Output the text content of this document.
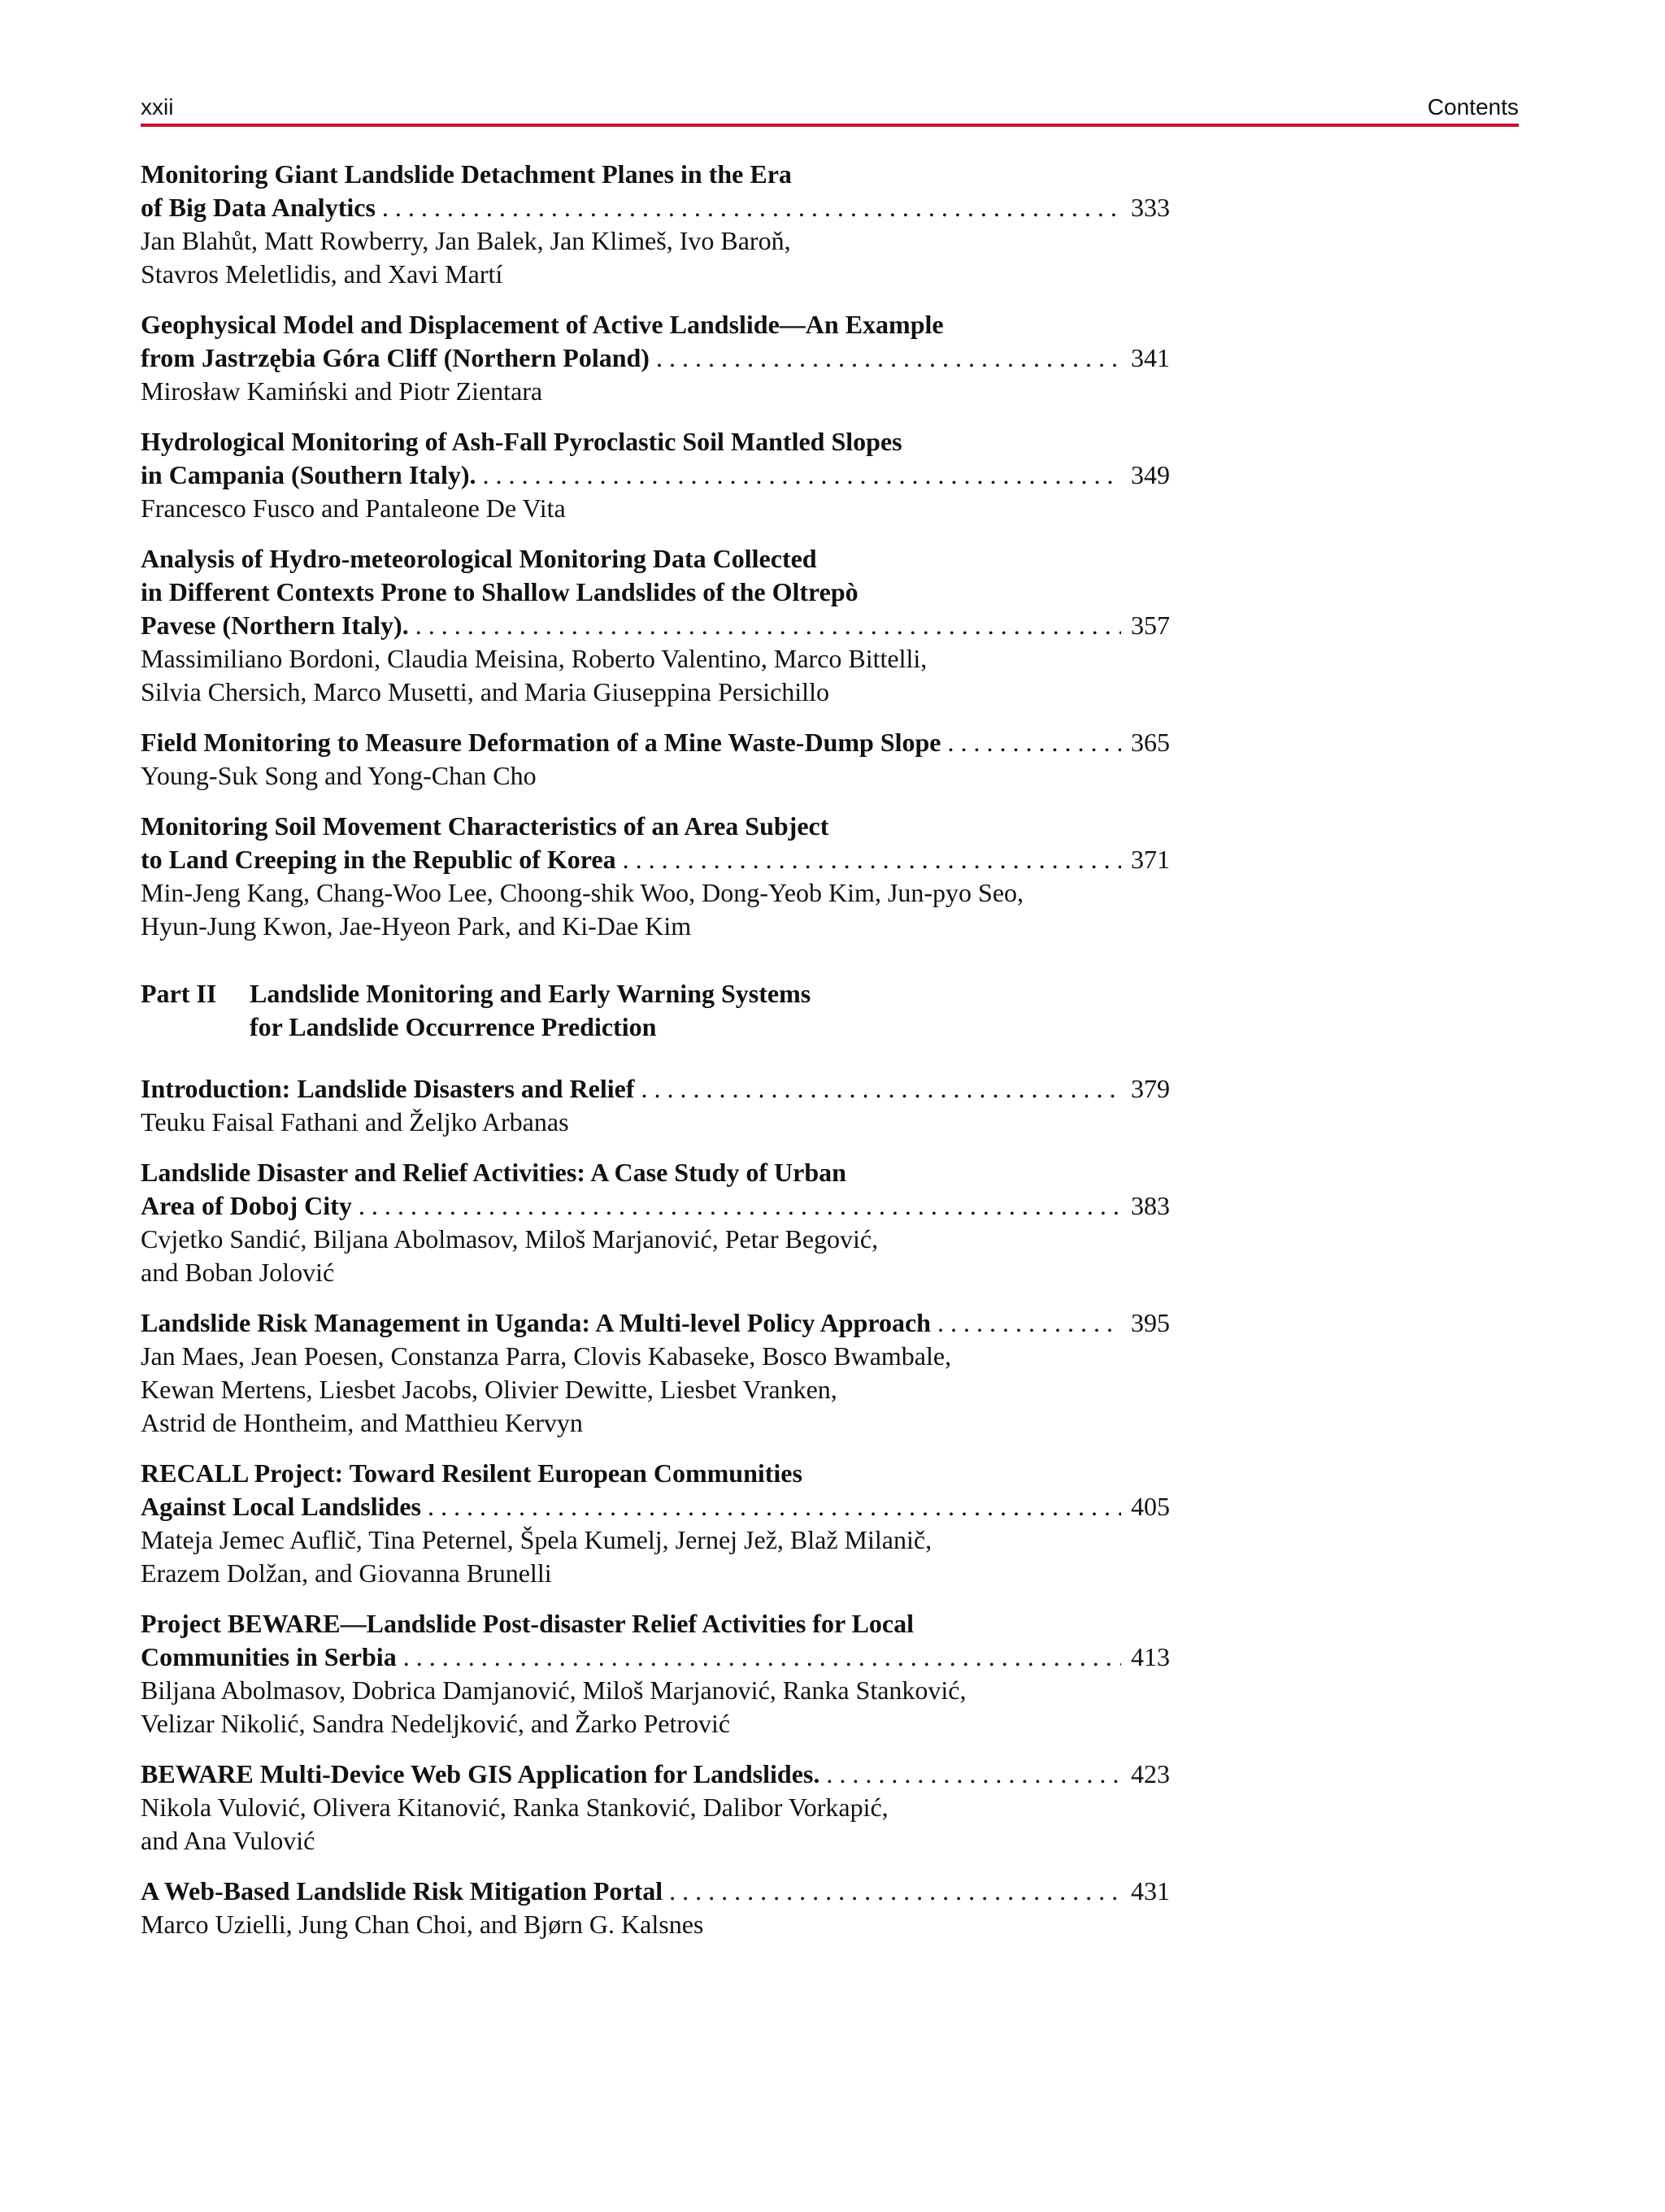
xxii	Contents
Monitoring Giant Landslide Detachment Planes in the Era
of Big Data Analytics . . .	333
Jan Blahůt, Matt Rowberry, Jan Balek, Jan Klimeš, Ivo Baroň,
Stavros Meletlidis, and Xavi Martí
Geophysical Model and Displacement of Active Landslide—An Example
from Jastrzębia Góra Cliff (Northern Poland) . . .	341
Mirosław Kamiński and Piotr Zientara
Hydrological Monitoring of Ash-Fall Pyroclastic Soil Mantled Slopes
in Campania (Southern Italy). . . .	349
Francesco Fusco and Pantaleone De Vita
Analysis of Hydro-meteorological Monitoring Data Collected
in Different Contexts Prone to Shallow Landslides of the Oltrepò
Pavese (Northern Italy). . . .	357
Massimiliano Bordoni, Claudia Meisina, Roberto Valentino, Marco Bittelli,
Silvia Chersich, Marco Musetti, and Maria Giuseppina Persichillo
Field Monitoring to Measure Deformation of a Mine Waste-Dump Slope . . .	365
Young-Suk Song and Yong-Chan Cho
Monitoring Soil Movement Characteristics of an Area Subject
to Land Creeping in the Republic of Korea . . .	371
Min-Jeng Kang, Chang-Woo Lee, Choong-shik Woo, Dong-Yeob Kim, Jun-pyo Seo,
Hyun-Jung Kwon, Jae-Hyeon Park, and Ki-Dae Kim
Part II	Landslide Monitoring and Early Warning Systems
for Landslide Occurrence Prediction
Introduction: Landslide Disasters and Relief . . .	379
Teuku Faisal Fathani and Željko Arbanas
Landslide Disaster and Relief Activities: A Case Study of Urban
Area of Doboj City . . .	383
Cvjetko Sandić, Biljana Abolmasov, Miloš Marjanović, Petar Begović,
and Boban Jolović
Landslide Risk Management in Uganda: A Multi-level Policy Approach . . .	395
Jan Maes, Jean Poesen, Constanza Parra, Clovis Kabaseke, Bosco Bwambale,
Kewan Mertens, Liesbet Jacobs, Olivier Dewitte, Liesbet Vranken,
Astrid de Hontheim, and Matthieu Kervyn
RECALL Project: Toward Resilent European Communities
Against Local Landslides . . .	405
Mateja Jemec Auflič, Tina Peternel, Špela Kumelj, Jernej Jež, Blaž Milanič,
Erazem Dolžan, and Giovanna Brunelli
Project BEWARE—Landslide Post-disaster Relief Activities for Local
Communities in Serbia . . .	413
Biljana Abolmasov, Dobrica Damjanović, Miloš Marjanović, Ranka Stanković,
Velizar Nikolić, Sandra Nedeljković, and Žarko Petrović
BEWARE Multi-Device Web GIS Application for Landslides. . . .	423
Nikola Vulović, Olivera Kitanović, Ranka Stanković, Dalibor Vorkapić,
and Ana Vulović
A Web-Based Landslide Risk Mitigation Portal . . .	431
Marco Uzielli, Jung Chan Choi, and Bjørn G. Kalsnes
